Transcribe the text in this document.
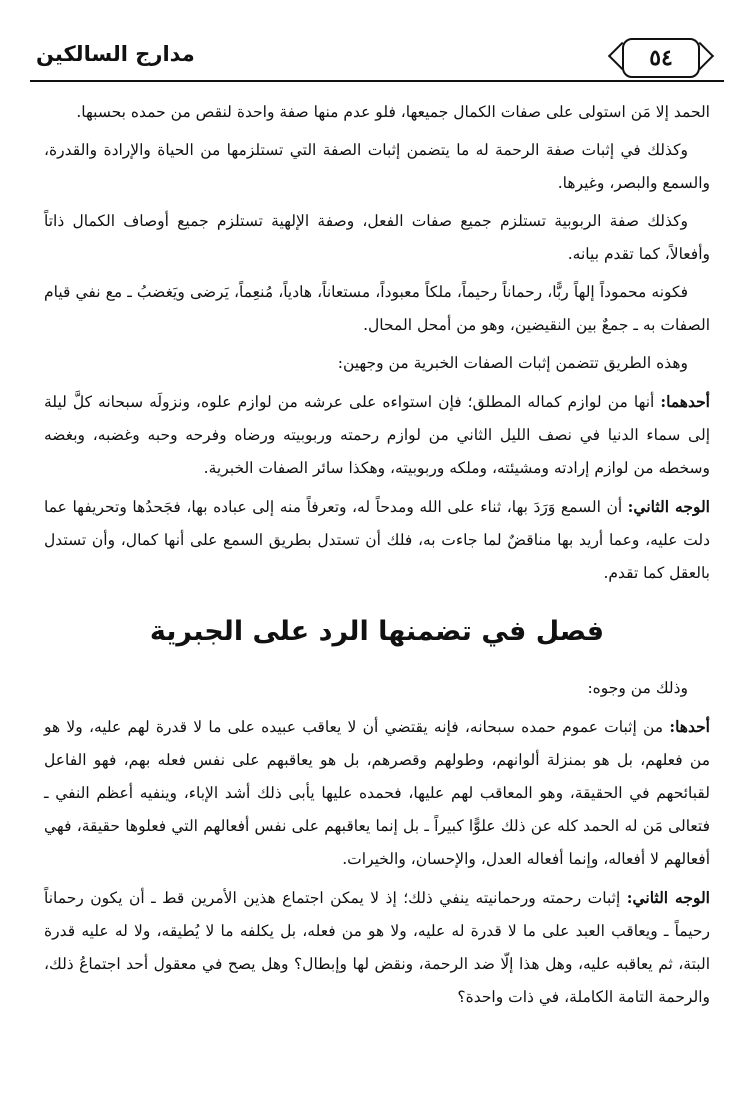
٥٤
مدارج السالكين

الحمد إلا مَن استولى على صفات الكمال جميعها، فلو عدم منها صفة واحدة لنقص من حمده بحسبها.

وكذلك في إثبات صفة الرحمة له ما يتضمن إثبات الصفة التي تستلزمها من الحياة والإرادة والقدرة، والسمع والبصر، وغيرها.

وكذلك صفة الربوبية تستلزم جميع صفات الفعل، وصفة الإلهية تستلزم جميع أوصاف الكمال ذاتاً وأفعالاً، كما تقدم بيانه.

فكونه محموداً إلهاً ربًّا، رحماناً رحيماً، ملكاً معبوداً، مستعاناً، هادياً، مُنعِماً، يَرضى ويَغضبُ ـ مع نفي قيام الصفات به ـ جمعٌ بين النقيضين، وهو من أمحل المحال.

وهذه الطريق تتضمن إثبات الصفات الخبرية من وجهين:

أحدهما: أنها من لوازم كماله المطلق؛ فإن استواءه على عرشه من لوازم علوه، ونزولَه سبحانه كلَّ ليلة إلى سماء الدنيا في نصف الليل الثاني من لوازم رحمته وربوبيته ورضاه وفرحه وحبه وغضبه، وبغضه وسخطه من لوازم إرادته ومشيئته، وملكه وربوبيته، وهكذا سائر الصفات الخبرية.

الوجه الثاني: أن السمع وَرَدَ بها، ثناء على الله ومدحاً له، وتعرفاً منه إلى عباده بها، فجَحدُها وتحريفها عما دلت عليه، وعما أريد بها مناقضٌ لما جاءت به، فلك أن تستدل بطريق السمع على أنها كمال، وأن تستدل بالعقل كما تقدم.

فصل في تضمنها الرد على الجبرية

وذلك من وجوه:

أحدها: من إثبات عموم حمده سبحانه، فإنه يقتضي أن لا يعاقب عبيده على ما لا قدرة لهم عليه، ولا هو من فعلهم، بل هو بمنزلة ألوانهم، وطولهم وقصرهم، بل هو يعاقبهم على نفس فعله بهم، فهو الفاعل لقبائحهم في الحقيقة، وهو المعاقب لهم عليها، فحمده عليها يأبى ذلك أشد الإباء، وينفيه أعظم النفي ـ فتعالى مَن له الحمد كله عن ذلك علوًّا كبيراً ـ بل إنما يعاقبهم على نفس أفعالهم التي فعلوها حقيقة، فهي أفعالهم لا أفعاله، وإنما أفعاله العدل، والإحسان، والخيرات.

الوجه الثاني: إثبات رحمته ورحمانيته ينفي ذلك؛ إذ لا يمكن اجتماع هذين الأمرين قط ـ أن يكون رحماناً رحيماً ـ ويعاقب العبد على ما لا قدرة له عليه، ولا هو من فعله، بل يكلفه ما لا يُطيقه، ولا له عليه قدرة البتة، ثم يعاقبه عليه، وهل هذا إلّا ضد الرحمة، ونقض لها وإبطال؟ وهل يصح في معقول أحد اجتماعُ ذلك، والرحمة التامة الكاملة، في ذات واحدة؟
